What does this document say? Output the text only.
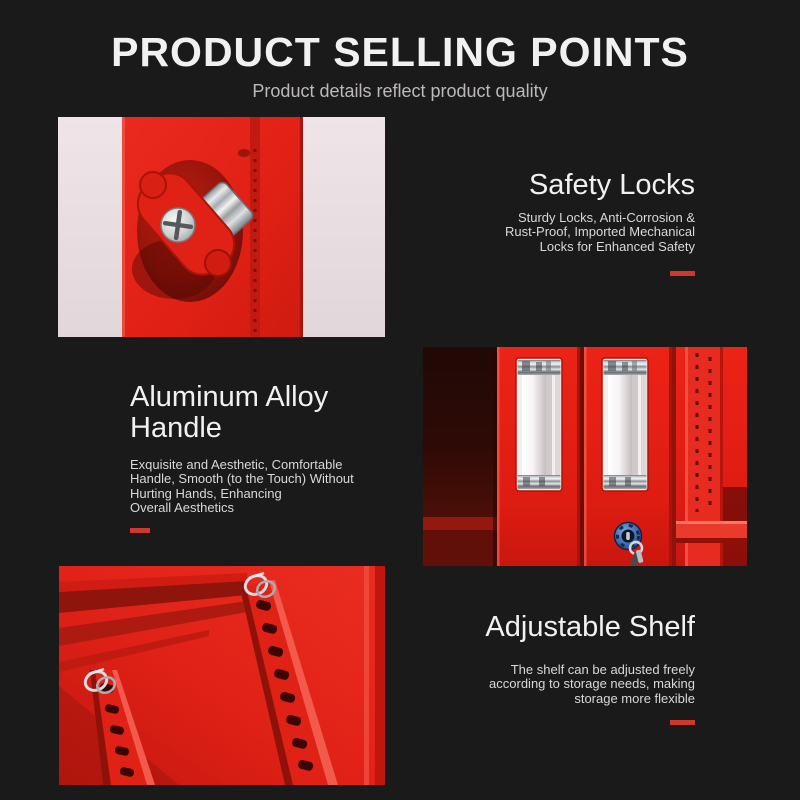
PRODUCT SELLING POINTS

Product details reflect product quality

Safety Locks
Sturdy Locks, Anti-Corrosion &
Rust-Proof, Imported Mechanical
Locks for Enhanced Safety
Aluminum Alloy
Handle
Exquisite and Aesthetic, Comfortable
Handle, Smooth (to the Touch) Without
Hurting Hands, Enhancing
Overall Aesthetics
Adjustable Shelf
The shelf can be adjusted freely
according to storage needs, making
storage more flexible
